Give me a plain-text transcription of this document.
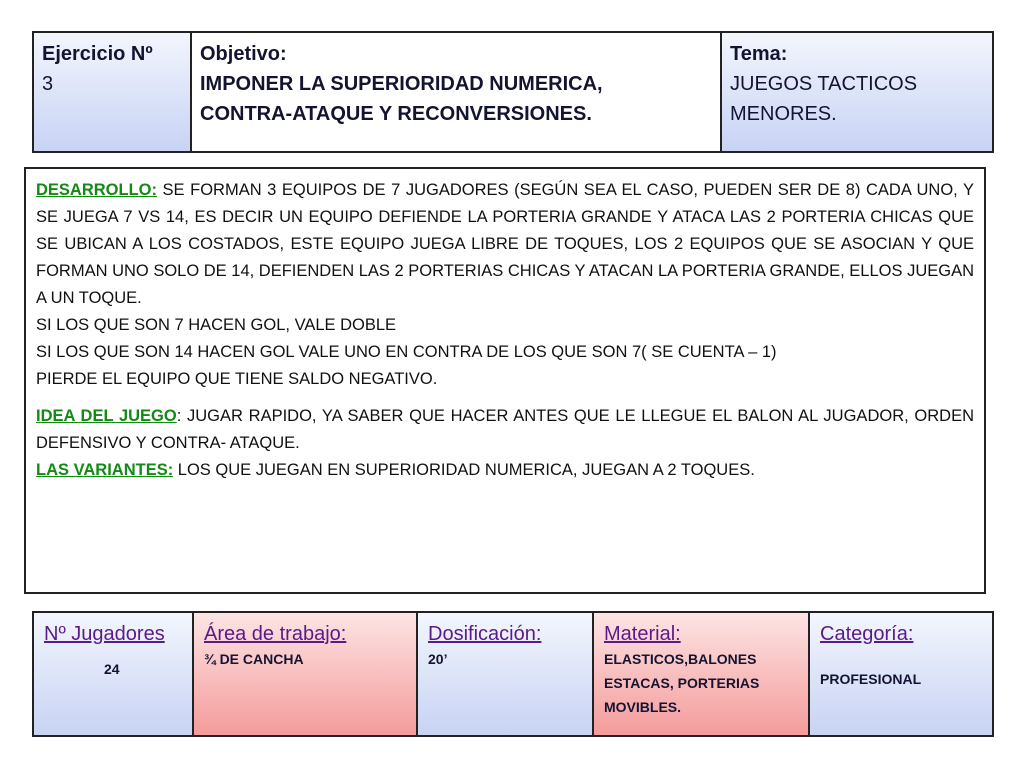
Ejercicio Nº
3
Objetivo:
IMPONER LA SUPERIORIDAD NUMERICA,
CONTRA-ATAQUE Y RECONVERSIONES.
Tema:
JUEGOS TACTICOS
MENORES.

DESARROLLO: SE FORMAN 3 EQUIPOS DE 7 JUGADORES (SEGÚN SEA EL CASO, PUEDEN SER DE 8) CADA UNO, Y SE JUEGA 7 VS 14, ES DECIR UN EQUIPO DEFIENDE LA PORTERIA GRANDE Y ATACA LAS 2 PORTERIA CHICAS QUE SE UBICAN A LOS COSTADOS, ESTE EQUIPO JUEGA LIBRE DE TOQUES, LOS 2 EQUIPOS QUE SE ASOCIAN Y QUE FORMAN UNO SOLO DE 14, DEFIENDEN LAS 2 PORTERIAS CHICAS Y ATACAN LA PORTERIA GRANDE, ELLOS JUEGAN A UN TOQUE.

SI LOS QUE SON 7 HACEN GOL, VALE DOBLE

SI LOS QUE SON 14 HACEN GOL VALE UNO EN CONTRA DE LOS QUE SON 7( SE CUENTA – 1)

PIERDE EL EQUIPO QUE TIENE SALDO NEGATIVO.

IDEA DEL JUEGO: JUGAR RAPIDO, YA SABER QUE HACER ANTES QUE LE LLEGUE EL BALON AL JUGADOR, ORDEN DEFENSIVO Y CONTRA- ATAQUE.

LAS VARIANTES: LOS QUE JUEGAN EN SUPERIORIDAD NUMERICA, JUEGAN A 2 TOQUES.

Nº Jugadores
24
Área de trabajo:
¾ DE CANCHA
Dosificación:
20’
Material:
ELASTICOS,BALONES ESTACAS, PORTERIAS MOVIBLES.
Categoría:
PROFESIONAL
